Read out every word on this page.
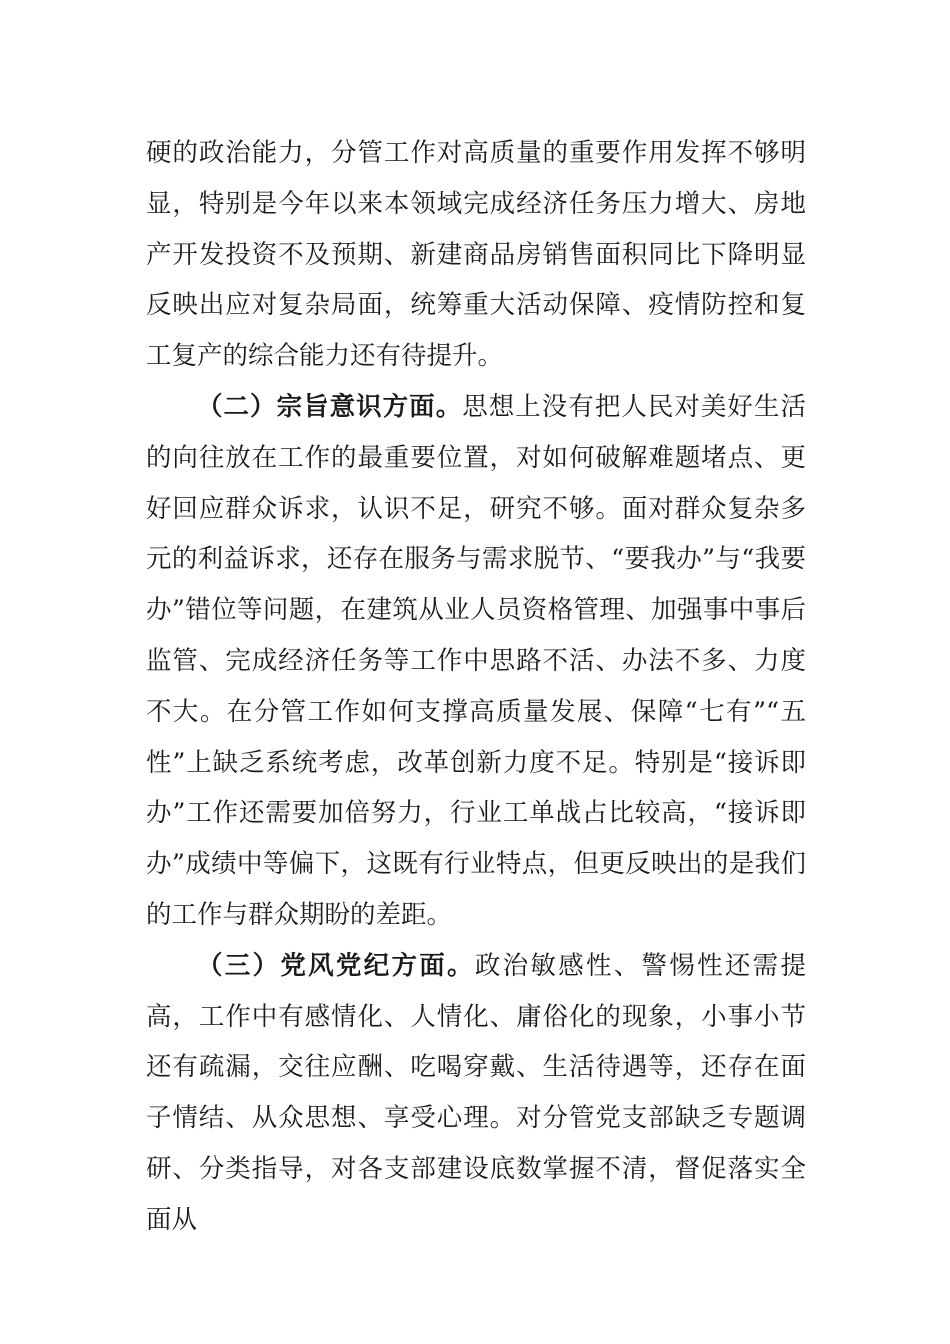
硬的政治能力，分管工作对高质量的重要作用发挥不够明显，特别是今年以来本领域完成经济任务压力增大、房地产开发投资不及预期、新建商品房销售面积同比下降明显反映出应对复杂局面，统筹重大活动保障、疫情防控和复工复产的综合能力还有待提升。

（二）宗旨意识方面。思想上没有把人民对美好生活的向往放在工作的最重要位置，对如何破解难题堵点、更好回应群众诉求，认识不足，研究不够。面对群众复杂多元的利益诉求，还存在服务与需求脱节、“要我办”与“我要办”错位等问题，在建筑从业人员资格管理、加强事中事后监管、完成经济任务等工作中思路不活、办法不多、力度不大。在分管工作如何支撑高质量发展、保障“七有”“五性”上缺乏系统考虑，改革创新力度不足。特别是“接诉即办”工作还需要加倍努力，行业工单战占比较高，“接诉即办”成绩中等偏下，这既有行业特点，但更反映出的是我们的工作与群众期盼的差距。

（三）党风党纪方面。政治敏感性、警惕性还需提高，工作中有感情化、人情化、庸俗化的现象，小事小节还有疏漏，交往应酬、吃喝穿戴、生活待遇等，还存在面子情结、从众思想、享受心理。对分管党支部缺乏专题调研、分类指导，对各支部建设底数掌握不清，督促落实全面从
